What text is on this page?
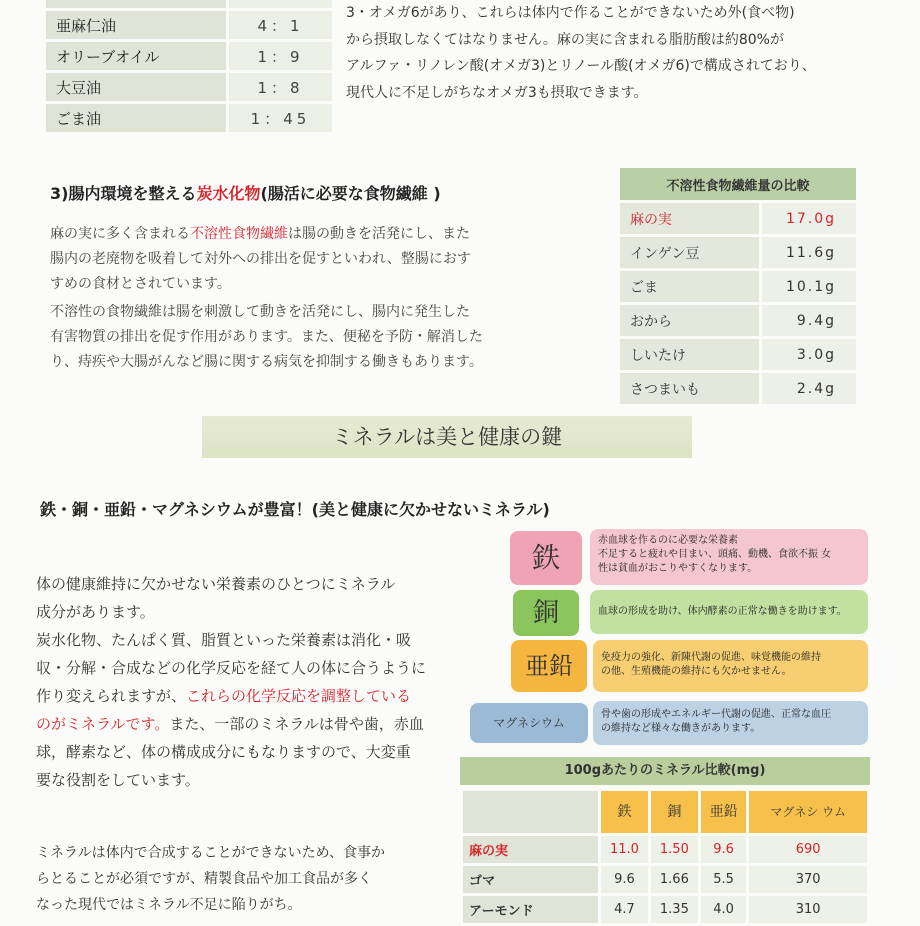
亜麻仁油	4：1
オリーブオイル	1：9
大豆油	1：8
ごま油	1：45
3・オメガ6があり、これらは体内で作ることができないため外(食べ物)
から摂取しなくてはなりません。麻の実に含まれる脂肪酸は約80%が
アルファ・リノレン酸(オメガ3)とリノール酸(オメガ6)で構成されており、
現代人に不足しがちなオメガ3も摂取できます。
3)腸内環境を整える炭水化物(腸活に必要な食物繊維 )
麻の実に多く含まれる不溶性食物繊維は腸の動きを活発にし、また
腸内の老廃物を吸着して対外への排出を促すといわれ、整腸におす
すめの食材とされています。
不溶性の食物繊維は腸を刺激して動きを活発にし、腸内に発生した
有害物質の排出を促す作用があります。また、便秘を予防・解消した
り、痔疾や大腸がんなど腸に関する病気を抑制する働きもあります。
不溶性食物繊維量の比較	
麻の実	17.0g
インゲン豆	11.6g
ごま	10.1g
おから	9.4g
しいたけ	3.0g
さつまいも	2.4g
ミネラルは美と健康の鍵
鉄・銅・亜鉛・マグネシウムが豊富！(美と健康に欠かせないミネラル)
体の健康維持に欠かせない栄養素のひとつにミネラル
成分があります。
炭水化物、たんぱく質、脂質といった栄養素は消化・吸
収・分解・合成などの化学反応を経て人の体に合うように
作り変えられますが、これらの化学反応を調整している
のがミネラルです。また、一部のミネラルは骨や歯，赤血
球，酵素など、体の構成成分にもなりますので、大変重
要な役割をしています。
ミネラルは体内で合成することができないため、食事か
らとることが必須ですが、精製食品や加工食品が多く
なった現代ではミネラル不足に陥りがち。
鉄
赤血球を作るのに必要な栄養素
不足すると疲れや目まい、頭痛、動機、食欲不振 女
性は貧血がおこりやすくなります。
銅	血球の形成を助け、体内酵素の正常な働きを助けます。
亜鉛	免疫力の強化、新陳代謝の促進、味覚機能の維持
の他、生殖機能の維持にも欠かせません。
マグネシウム
骨や歯の形成やエネルギー代謝の促進、正常な血圧
の維持など様々な働きがあります。
100gあたりのミネラル比較(mg)
	鉄	銅	亜鉛	マグネシ ウム
麻の実	11.0	1.50	9.6	690
ゴマ	9.6	1.66	5.5	370
アーモンド	4.7	1.35	4.0	310
